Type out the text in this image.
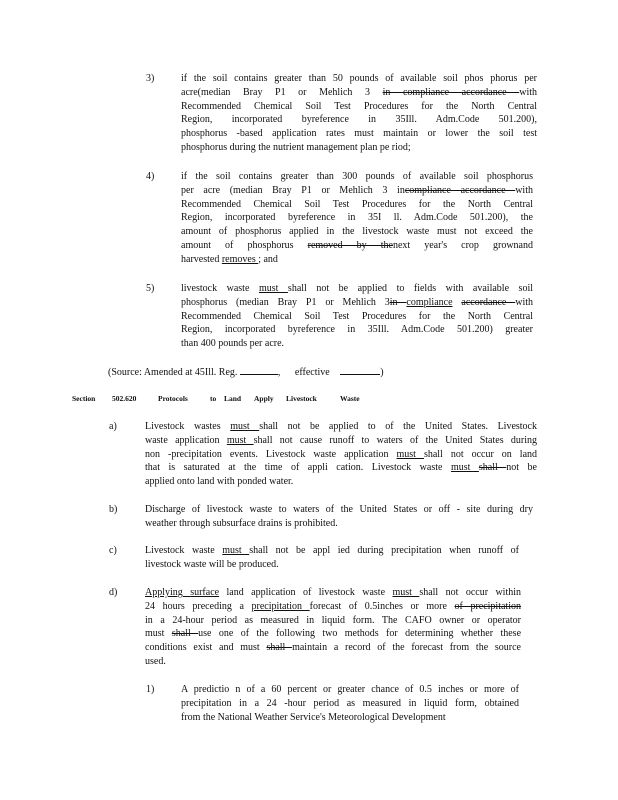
3)	if the soil contains greater than 50 pounds of available soil phos phorus per
acre(median Bray P1 or Mehlich 3 in compliance accordance with
Recommended Chemical Soil Test Procedures for the North Central
Region, incorporated byreference in 35Ill. Adm.Code 501.200),
phosphorus -based application rates must maintain or lower the soil test
phosphorus during the nutrient management plan pe riod;
4)	if the soil contains greater than 300 pounds of available soil phosphorus
per acre (median Bray P1 or Mehlich 3 incompliance accordance with
Recommended Chemical Soil Test Procedures for the North Central
Region, incorporated byreference in 35I ll. Adm.Code 501.200), the
amount of phosphorus applied in the livestock waste must not exceed the
amount of phosphorus removed by thenext year's crop grownand
harvested removes ; and
5)	livestock waste must shall not be applied to fields with available soil
phosphorus (median Bray P1 or Mehlich 3in compliance accordance with
Recommended Chemical Soil Test Procedures for the North Central
Region, incorporated byreference in 35Ill. Adm.Code 501.200) greater
than 400 pounds per acre.
(Source: Amended at 45Ill. Reg.	, effective	)
Section 502.620	Protocols	to Land Apply Livestock	Waste
a)	Livestock wastes must shall not be applied to of the United States. Livestock
waste application must shall not cause runoff to waters of the United States during
non -precipitation events. Livestock waste application must shall not occur on land
that is saturated at the time of appli cation. Livestock waste must shall not be
applied onto land with ponded water.
b)	Discharge of livestock waste to waters of the United States or off - site during dry
weather through subsurface drains is prohibited.
c)	Livestock waste must shall not be appl ied during precipitation when runoff of
livestock waste will be produced.
d)	Applying surface land application of livestock waste must shall not occur within
24 hours preceding a precipitation forecast of 0.5inches or more of precipitation
in a 24-hour period as measured in liquid form. The CAFO owner or operator
must shall use one of the following two methods for determining whether these
conditions exist and must shall maintain a record of the forecast from the source
used.
1)	A predictio n of a 60 percent or greater chance of 0.5 inches or more of
precipitation in a 24 -hour period as measured in liquid form, obtained
from the National Weather Service's Meteorological Development
